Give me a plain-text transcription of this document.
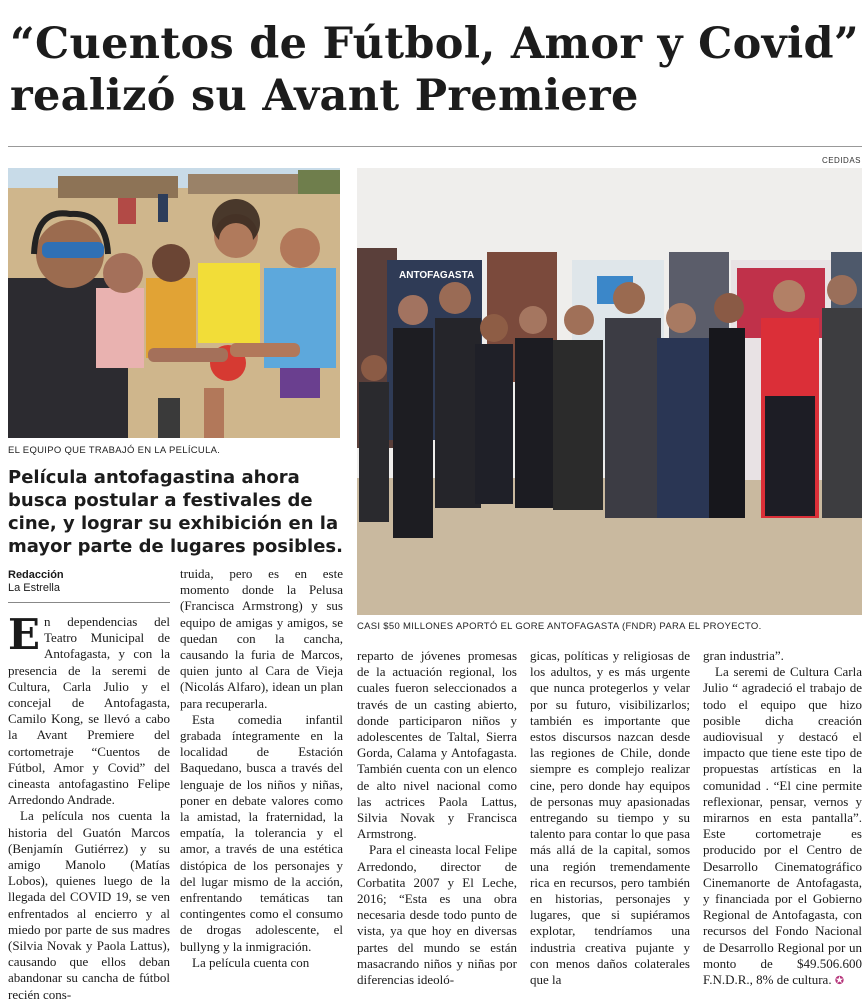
“Cuentos de Fútbol, Amor y Covid” realizó su Avant Premiere
CEDIDAS
EL EQUIPO QUE TRABAJÓ EN LA PELÍCULA.
ANTOFAGASTA
CASI $50 MILLONES APORTÓ EL GORE ANTOFAGASTA (FNDR) PARA EL PROYECTO.
Película antofagastina ahora busca postular a festivales de cine, y lograr su exhibición en la mayor parte de lugares posibles.
Redacción
La Estrella

En dependencias del Teatro Municipal de Antofagasta, y con la presencia de la seremi de Cultura, Carla Julio y el concejal de Antofagasta, Camilo Kong, se llevó a cabo la Avant Premiere del cortometraje “Cuentos de Fútbol, Amor y Covid” del cineasta antofagastino Felipe Arredondo Andrade.

La película nos cuenta la historia del Guatón Marcos (Benjamín Gutiérrez) y su amigo Manolo (Matías Lobos), quienes luego de la llegada del COVID 19, se ven enfrentados al encierro y al miedo por parte de sus madres (Silvia Novak y Paola Lattus), causando que ellos deban abandonar su cancha de fútbol recién cons-

truida, pero es en este momento donde la Pelusa (Francisca Armstrong) y sus equipo de amigas y amigos, se quedan con la cancha, causando la furia de Marcos, quien junto al Cara de Vieja (Nicolás Alfaro), idean un plan para recuperarla.

Esta comedia infantil grabada íntegramente en la localidad de Estación Baquedano, busca a través del lenguaje de los niños y niñas, poner en debate valores como la amistad, la fraternidad, la empatía, la tolerancia y el amor, a través de una estética distópica de los personajes y del lugar mismo de la acción, enfrentando temáticas tan contingentes como el consumo de drogas adolescente, el bullyng y la inmigración.

La película cuenta con

reparto de jóvenes promesas de la actuación regional, los cuales fueron seleccionados a través de un casting abierto, donde participaron niños y adolescentes de Taltal, Sierra Gorda, Calama y Antofagasta. También cuenta con un elenco de alto nivel nacional como las actrices Paola Lattus, Silvia Novak y Francisca Armstrong.

Para el cineasta local Felipe Arredondo, director de Corbatita 2007 y El Leche, 2016; “Esta es una obra necesaria desde todo punto de vista, ya que hoy en diversas partes del mundo se están masacrando niños y niñas por diferencias ideoló-

gicas, políticas y religiosas de los adultos, y es más urgente que nunca protegerlos y velar por su futuro, visibilizarlos; también es importante que estos discursos nazcan desde las regiones de Chile, donde siempre es complejo realizar cine, pero donde hay equipos de personas muy apasionadas entregando su tiempo y su talento para contar lo que pasa más allá de la capital, somos una región tremendamente rica en recursos, pero también en historias, personajes y lugares, que si supiéramos explotar, tendríamos una industria creativa pujante y con menos daños colaterales que la

gran industria”.

La seremi de Cultura Carla Julio “ agradeció el trabajo de todo el equipo que hizo posible dicha creación audiovisual y destacó el impacto que tiene este tipo de propuestas artísticas en la comunidad . “El cine permite reflexionar, pensar, vernos y mirarnos en esta pantalla”. Este cortometraje es producido por el Centro de Desarrollo Cinematográfico Cinemanorte de Antofagasta, y financiada por el Gobierno Regional de Antofagasta, con recursos del Fondo Nacional de Desarrollo Regional por un monto de $49.506.600 F.N.D.R., 8% de cultura. ✪
